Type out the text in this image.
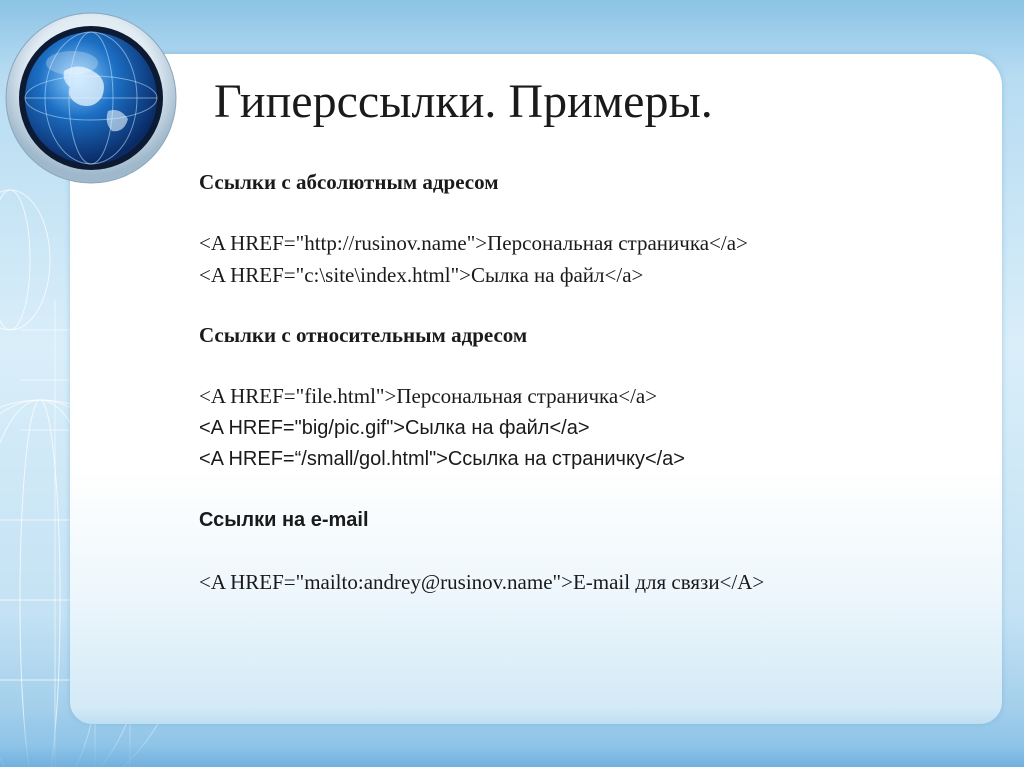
Гиперссылки. Примеры.

Ссылки с абсолютным адресом

<A HREF="http://rusinov.name">Персональная страничка</a>

<A HREF="c:\site\index.html">Сылка на файл</a>

Ссылки с относительным адресом

<A HREF="file.html">Персональная страничка</a>

<A HREF="big/pic.gif">Сылка на файл</a>

<A HREF=“/small/gol.html">Ссылка на страничку</a>

Ссылки на e-mail

<A HREF="mailto:andrey@rusinov.name">E-mail для связи</A>
